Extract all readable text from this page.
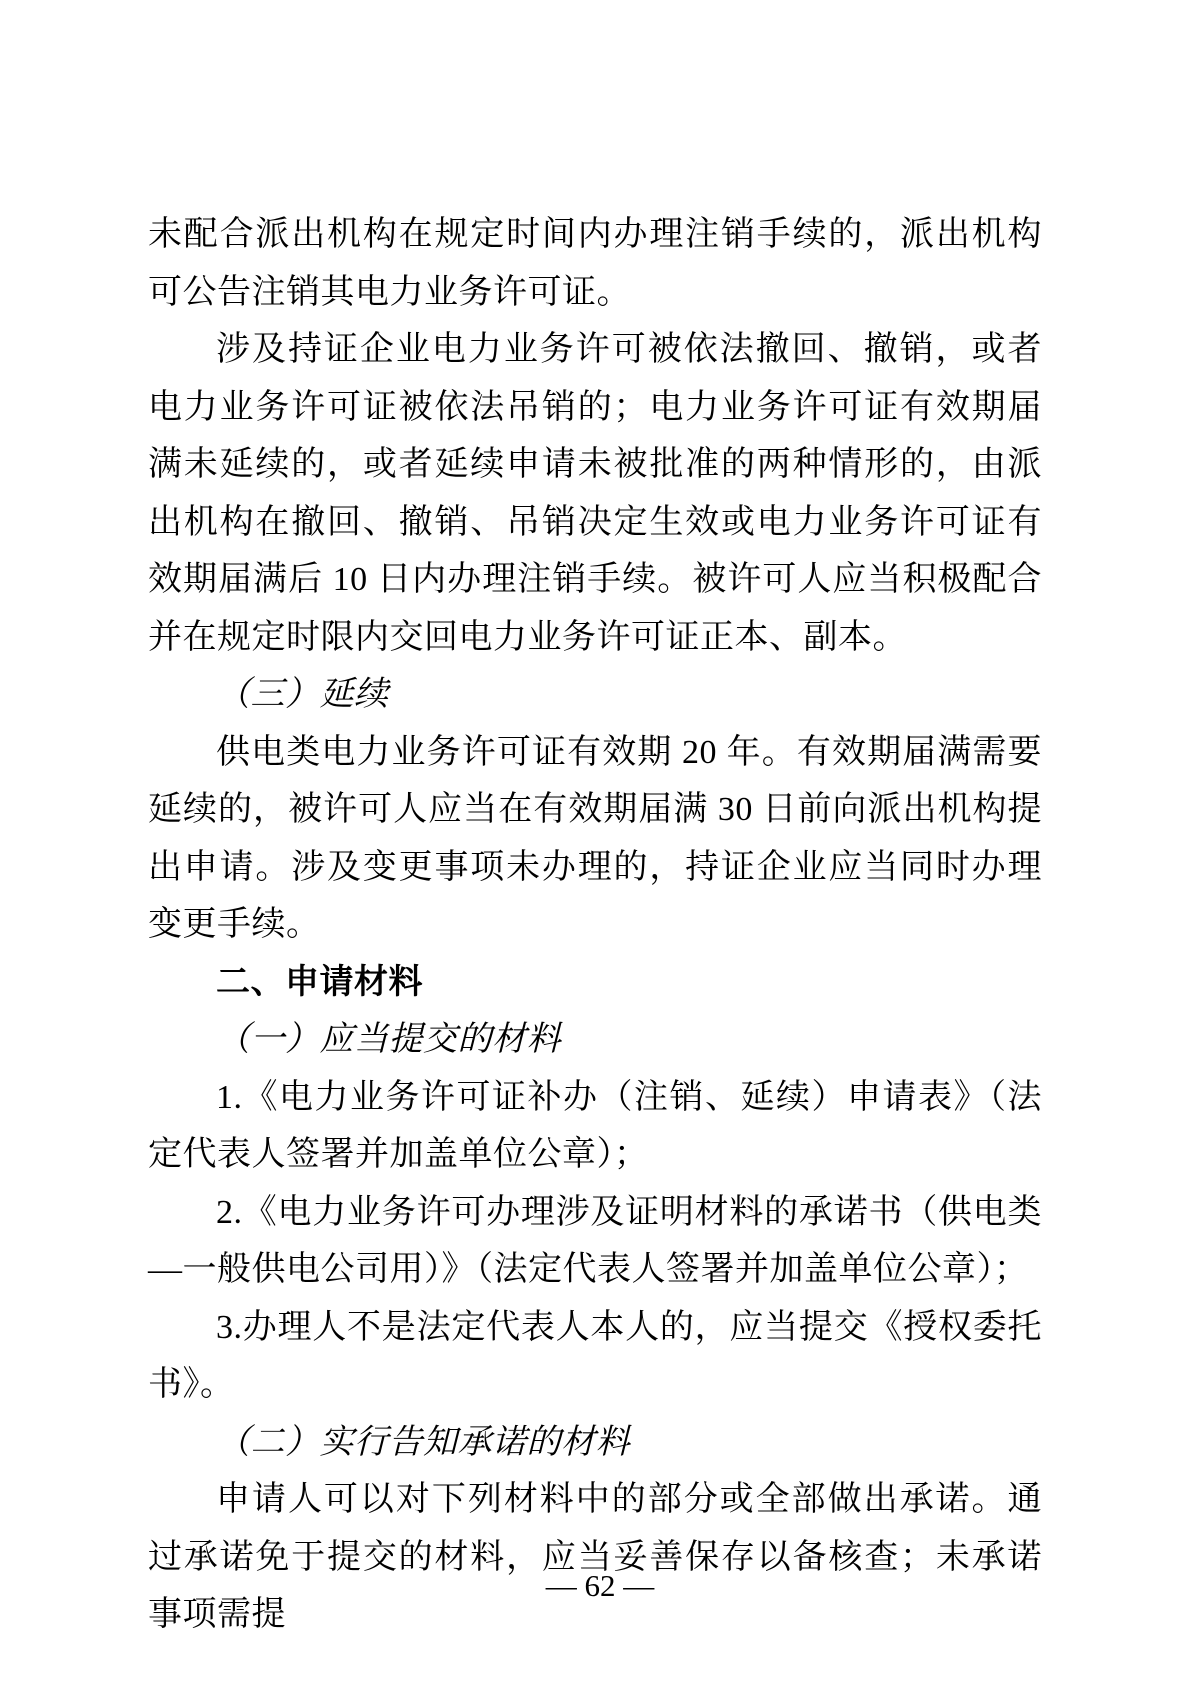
未配合派出机构在规定时间内办理注销手续的，派出机构可公告注销其电力业务许可证。

涉及持证企业电力业务许可被依法撤回、撤销，或者电力业务许可证被依法吊销的；电力业务许可证有效期届满未延续的，或者延续申请未被批准的两种情形的，由派出机构在撤回、撤销、吊销决定生效或电力业务许可证有效期届满后 10 日内办理注销手续。被许可人应当积极配合并在规定时限内交回电力业务许可证正本、副本。

（三）延续

供电类电力业务许可证有效期 20 年。有效期届满需要延续的，被许可人应当在有效期届满 30 日前向派出机构提出申请。涉及变更事项未办理的，持证企业应当同时办理变更手续。

二、申请材料

（一）应当提交的材料

1.《电力业务许可证补办（注销、延续）申请表》（法定代表人签署并加盖单位公章）；

2.《电力业务许可办理涉及证明材料的承诺书（供电类—一般供电公司用）》（法定代表人签署并加盖单位公章）；

3.办理人不是法定代表人本人的，应当提交《授权委托书》。

（二）实行告知承诺的材料

申请人可以对下列材料中的部分或全部做出承诺。通过承诺免于提交的材料，应当妥善保存以备核查；未承诺事项需提

— 62 —
